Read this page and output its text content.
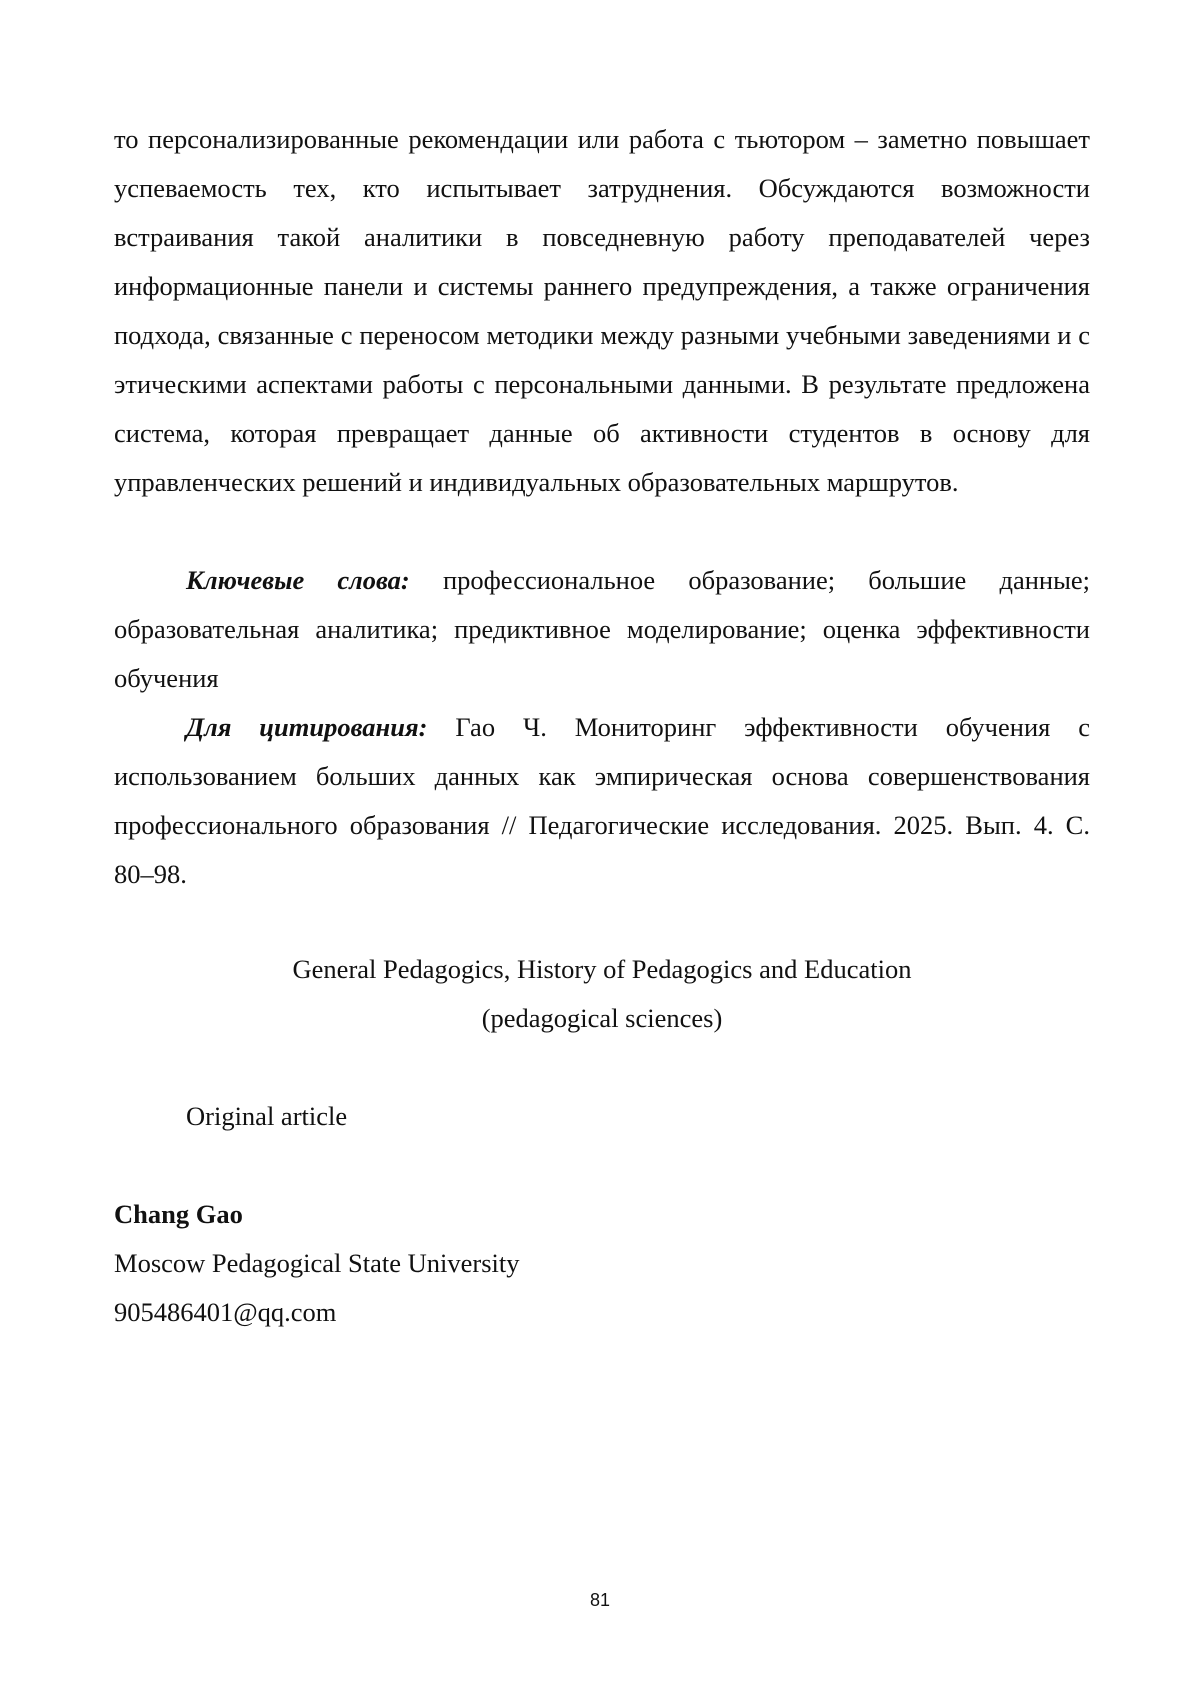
то персонализированные рекомендации или работа с тьютором – заметно повышает успеваемость тех, кто испытывает затруднения. Обсуждаются возможности встраивания такой аналитики в повседневную работу преподавателей через информационные панели и системы раннего предупреждения, а также ограничения подхода, связанные с переносом методики между разными учебными заведениями и с этическими аспектами работы с персональными данными. В результате предложена система, которая превращает данные об активности студентов в основу для управленческих решений и индивидуальных образовательных маршрутов.

Ключевые слова: профессиональное образование; большие данные; образовательная аналитика; предиктивное моделирование; оценка эффективности обучения

Для цитирования: Гао Ч. Мониторинг эффективности обучения с использованием больших данных как эмпирическая основа совершенствования профессионального образования // Педагогические исследования. 2025. Вып. 4. С. 80–98.

General Pedagogics, History of Pedagogics and Education
(pedagogical sciences)
Original article
Chang Gao
Moscow Pedagogical State University
905486401@qq.com
81
